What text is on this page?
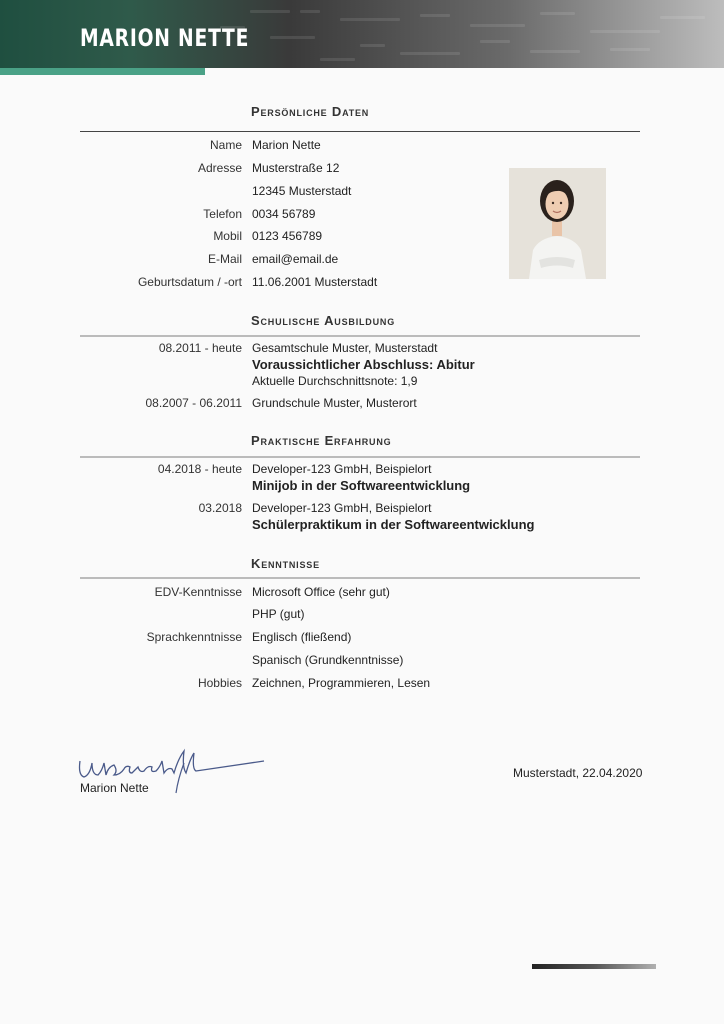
MARION NETTE
Persönliche Daten
Name Marion Nette
Adresse Musterstraße 12
12345 Musterstadt
Telefon 0034 56789
Mobil 0123 456789
E-Mail email@email.de
Geburtsdatum / -ort 11.06.2001 Musterstadt
Schulische Ausbildung
08.2011 - heute Gesamtschule Muster, Musterstadt
Voraussichtlicher Abschluss: Abitur
Aktuelle Durchschnittsnote: 1,9
08.2007 - 06.2011 Grundschule Muster, Musterort
Praktische Erfahrung
04.2018 - heute Developer-123 GmbH, Beispielort
Minijob in der Softwareentwicklung
03.2018 Developer-123 GmbH, Beispielort
Schülerpraktikum in der Softwareentwicklung
Kenntnisse
EDV-Kenntnisse Microsoft Office (sehr gut)
PHP (gut)
Sprachkenntnisse Englisch (fließend)
Spanisch (Grundkenntnisse)
Hobbies Zeichnen, Programmieren, Lesen
Marion Nette
Musterstadt, 22.04.2020
